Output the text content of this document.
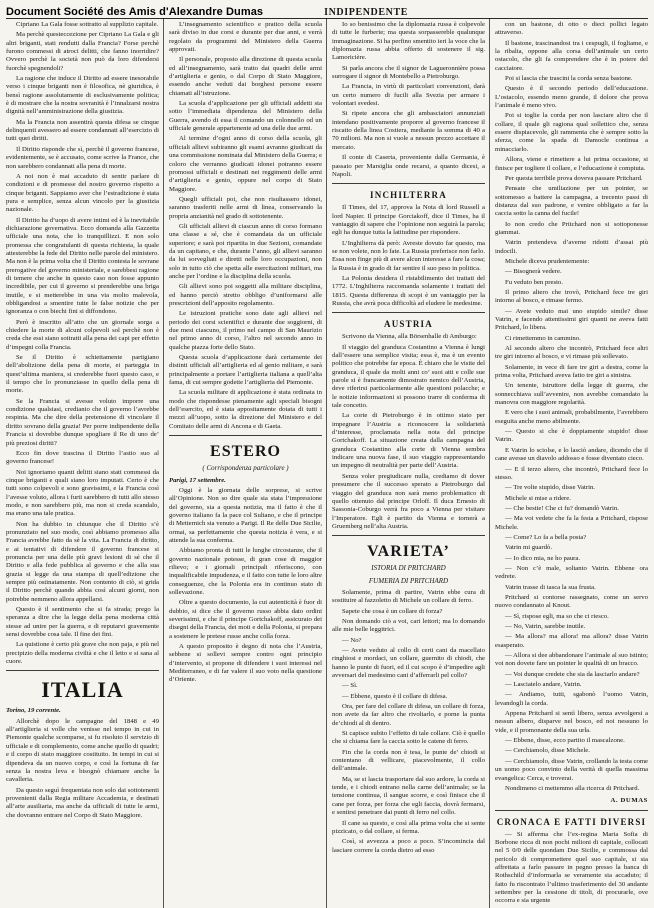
Document Société des Amis d'Alexandre Dumas	INDIPENDENTE
Cipriano La Gala fosse sottratto al supplizio capitale.
Ma perchè questeccezione per Cipriano La Gala e gli altri briganti, stati rendutti dalla Francia? Forse perchè furono commessi di atroci delitti, che fanno inorridire? Ovvero perchè la società non può da loro difendersi fuorchè spegnendoli?
La ragione che induce il Diritto ad essere inesorabile verso i cinque briganti non è filosofica, nè giuridica, è bensì ragione assolutamente di esclusivamente politica; è di mostrare che la nostra sovranità è l’innalzarsi nostra dignità nell’amministrazione della giustizia.
Ma la Francia non assentirà questa difesa se cinque delinquenti avessero ad essere condannati all’esercizio di tutti quei diritti.
Il Diritto risponde che sì, perchè il governo francese, evidentemente, se è accusato, come scrive la France, che non sarebbero condannati alla pena di morte.
A noi non è mai accaduto di sentir parlare di condizioni e di promesse del nostro governo rispetto a cinque briganti. Sappiamo aver che l’estradizione è stata pura e semplice, senza alcun vincolo per la giustizia nazionale.
Il Diritto ha d’uopo di avere intimi ed è la inevitabile dichiarazione governativa. Ecco domanda alla Gazzetta ufficiale una nota, che lo tranquillizzi. E non solo promessa che congratulanti di questa richiesta, la quale attesterebbe la fede del Diritto nelle parole del ministero. Ma non è la prima volta che il Diritto contesta le sovrane prerogative del governo ministeriale, e sarebbesi ragione di temere che anche in questo caso non fosse appunto incredibile, per cui il governo si prenderebbe una briga inutile, e si metterebbe in una via molto malevola, obbligandosi a smentire tutte le false notizie che per ignoranza o con biechi fini si diffondono.
Però è inscritto all’atto che un giornale sorga a chiedere la morte di alcuni colpevoli sol perchè non è creda che essi siano sottratti alla pena dei capi per effetto d’impegni colla Francia.
Se il Diritto è schiettamente partigiano dell’abolizione della pena di morte, ei parteggia in quest’ultima maniera, si crederebbe fuori questo caso, e il tempo che lo pronunziasse in quello della pena di morte.
Se la Francia si avesse voluto imporre una condizione qualsiasi, credianio che il governo l’avrebbe respinta. Ma che dire della pretensione di vincolare il diritto sovrano della grazia! Per porre indipendente della Francia si dovrebbe dunque spogliare il Re di uno de’ più preziosi diritti?
Ecco fin dove trascina il Diritto l’astio suo al governo francese!
Noi ignoriamo quanti delitti siano stati commessi da cinque briganti e quali siano loro imputati. Certo è che tutti sono colpevoli e sono gravissimi, e la Francia così l’avesse voluto, allora i furti sarebbero di tutti allo stesso modo, e non sarebbero più, ma non si creda scandalo, ma erano una tale pratica.
Non ha dubbio in chiunque che il Diritto s’è pronunziato nel suo modo, così abbiamo promesso alla Francia avrebbe fatto da sè la vita. La Francia di diritto, e ai tentativi di difendere il governo francese si pronuncia per una delle più gravi lesioni di sé che il Diritto e alla fede pubblica al governo e che alla sua grazia si legge da una stampa di quell’edizione che sempre più ostinatamente. Non contento di ciò, si grida il Diritto perchè quando abbia così alcuni giorni, non potrebbe nemmeno allora appellarsi.
Questo è il sentimento che si fa strada; prego la speranza a dire che la legge della pena moderna città stesse ad unire per la guerra, e di reputarvi gravemente sensi dovrebbe cosa tale. Il fine dei fini.
La quistione è certo più grave che non paja, e più nel precipizio della moderna civiltà e che il letto e si sana al cuore.
ITALIA
Torino, 19 corrente.
Allorchè dopo le campagne del 1848 e 49 all’artiglieria si volle che venisse nel tempo in cui in Piemonte qualche scomparse, si fu risoluto il servizio di ufficiale e di complemento, come anche quello di quadri; e il corpo di stato maggiore costituito. In tempi in cui si dipendeva da un nuovo corpo, e così la fortuna di far senza la nostra leva e bisognò chiamare anche la cavalleria.
Da questo seguì frequentata non solo dai sottotenenti provenienti dalla Regia militare Accademia, e destinati all’arte ausiliaria, ma anche da ufficiali di tutte le armi, che dovranno entrare nel Corpo di Stato Maggiore.
L’insegnamento scientifico e pratico della scuola sarà diviso in due corsi e durante per due anni, e verrà regolato da programmi del Ministero della Guerra approvati.
Il personale, proposto alla direzione di questa scuola ed all’insegnamento, sarà tratto dai quadri delle armi d’artiglieria e genio, o dal Corpo di Stato Maggiore, essendo anche veduti dai borghesi persone essere chiamati all’istruzione.
La scuola d’applicazione per gli ufficiali addetti sta sotto l’immediata dipendenza del Ministero della Guerra, avendo di essa il comando un colonnello od un ufficiale generale appartenente ad una delle due armi.
Al termine d’ogni anno di corso della scuola, gli ufficiali allievi subiranno gli esami avranno giudicati da una commissione nominata dal Ministero della Guerra; e coloro che verranno giudicati idonei potranno essere promossi ufficiali e destinati nei reggimenti delle armi d’artiglieria e genio, oppure nel corpo di Stato Maggiore.
Quegli ufficiali poi, che non risultassero idonei, saranno trasferiti nelle armi di linea, conservando la propria anzianità nel grado di sottotenente.
Gli ufficiali allievi di ciascun anno di corso formano una classe a sé, che è comandata da un ufficiale superiore; e sarà poi ripartita in due Sezioni, comandate da un capitano, e che, durante l’anno, gli allievi saranno da lui sorvegliati e diretti nelle loro occupazioni, non solo in tutto ciò che spetta alle esercitazioni militari, ma anche per l’ordine e la disciplina della scuola.
Gli allievi sono poi soggetti alla militare disciplina, ed hanno perciò stretto obbligo d’uniformarsi alle prescrizioni dell’apposito regolamento.
Le istruzioni pratiche sono date agli allievi nel periodo dei corsi scientifici e durante due soggiorni, di due mesi ciascuno, il primo nel campo di San Maurizio nel primo anno di corso, l’altro nel secondo anno in qualche piazza forte dello Stato.
Questa scuola d’applicazione darà certamente dei distinti ufficiali all’artiglieria ed al genio militare, e sarà principalmente a portare l’artiglieria italiana a quell’alta fama, di cui sempre godette l’artiglieria del Piemonte.
La scuola militare di applicazione è stata ordinata in modo che rispondesse pienamente agli speciali bisogni dell’esercito, ed è stata appositamente dotata di tutti i mezzi all’uopo, sotto la direzione del Ministero e del Comitato delle armi di Ancona e di Gaeta.
ESTERO
( Corrispondenza particolare )
Parigi, 17 settembre.
Oggi è la giornata delle sorprese, si scrive all’Opinione. Non so dire quale sia stata l’impressione del governo, sia a questa notizia, ma il fatto è che il governo italiano fa la pace col Sultano, e che il principe di Metternich sia venuto a Parigi. Il Re delle Due Sicilie, ormai, sa perfettamente che questa notizia è vera, e si attende la sua conferma.
Abbiamo pronta di tutti le lunghe circostanze, che il governo nazionale potesse, di gran cose di maggior rilievo; e i giornali principali riferiscono, con inqualificabile impudenza, e il fatto con tutte le loro altre conseguenze, che la Polonia era in continuo stato di sollevazione.
Oltre a questo documento, la cui autenticità è fuor di dubbio, si dice che il governo russo abbia dato ordini severissimi, e che il principe Gortchakoff, assicurato dei disegni della Francia, dei moti e della Polonia, si prepara a sostenere le pretese russe anche colla forza.
A questo proposito è degno di nota che l’Austria, sebbene si sollevi sempre contro ogni principio d’intervento, si propone di difendere i suoi interessi nel Mediterraneo, e di far valere il suo voto nella questione d’Oriente.
Io so benissimo che la diplomazia russa è colpevole di tutte le furberie; ma questa sorpassereble qualunque immaginazione. Si ha perfino smentito ieri la voce che la diplomazia russa abbia offerto di sostenere il sig. Lamoricière.
Si parla ancora che il signor de Lagueronnière possa surrogare il signor di Montebello a Pietroburgo.
La Francia, in virtù di particolari convenzioni, darà un certo numero di fucili alla Svezia per armare i volontari svedesi.
Si ripete ancora che gli ambasciatori annunziati intendano positivamente proporre al governo francese il riscatto della linea Costiera, medianie la somma di 40 a 70 milioni. Ma non si vuole a nessun prezzo accettare il mercato.
Il conte di Caserta, proveniente dalla Germania, è passato per Marsiglia onde recarsi, a quanto dicesi, a Napoli.
INCHILTERRA
Il Times, del 17, approva la Nota di lord Russell a lord Napier. Il principe Gorciakoff, dice il Times, ha il vantaggio di sapere che l’opinione non seguirà la parola; egli ha dunque tutta la latitudine per rispondere.
L’Inghilterra dà però: Avreste dovuto far questo, ma se non volete, non lo fate. La Russia preferisce non farlo. Essa non finge più di avere alcun interesse a fare la cosa; la Russia è in grado di far sentire il suo peso in politica.
La Polonia desidera il ristabilimento dei trattati del 1772. L’Inghilterra raccomanda solamente i trattati del 1815. Questa differenza di scopi è un vantaggio per la Russia, che avrà poca difficoltà ad eludere le medesime.
AUSTRIA
Scrivono da Vienna, alla Börsenhalle di Amburgo:
Il viaggio del granduca Costantino a Vienna è lungi dall’essere una semplice visita; essa è, ma è un evento politico che potrebbe far epoca. È chiaro che le visite del granduca, il quale da molti anni co’ suoi atti e colle sue parole si è francamente dimostrato nemico dell’Austria, deve riferirsi particolarmente alle questioni polacche; e le notizie informazioni si possono trarre di conferma di tale concetto.
La corte di Pietroburgo è in ottimo stato per impegnare l’Austria a riconoscere la solidarietà d’interesse, proclamata nella nota del principe Gortchakoff. La situazione creata dalla campagna del granduca Costantino alla corte di Vienna sembra indicare una nuova fase, il suo viaggio rappresentando un impegno di neutralità per parte dell’Austria.
Senza voler pregiudicare nulla, crediamo di dover presumere che il successo sperato a Pietroburgo dal viaggio del granduca non sarà meno problematico di quello ottenuto dal principe Orloff. Il duca Ernesto di Sassonia-Coburgo verrà fra poco a Vienna per visitare l’Imperatore. Egli è partito da Vienna e tornerà a Gruemberg nell’alta Austria.
VARIETA’
ISTORIA DI PRITCHARD
FUMERIA DI PRITCHARD
Solamente, prima di partire, Vatrin ebbe cura di sostituire al fazzoletto di Michele un collare di ferro.
Sapete che cosa è un collare di forza?
Non domando ciò a voi, cari lettori; ma lo domando alle mie belle leggitrici.
— No?
— Avete veduto al collo di certi cani da macellaio ringhiosi e mordaci, un collare, guernito di chiodi, che hanno le punte di fuori, ed il cui scopo è d’impedire agli avversari del medesimo cani d’afferrarli pel collo?
— Sì.
— Ebbene, questo è il collare di difesa.
Ora, per fare del collare di difesa, un collare di forza, non avete da far altro che rivoltarlo, e porne la punta de’chiodi al di dentro.
Si capisce subito l’effetto di tale collare. Ciò è quello che si chiama fare la caccia sotto le catene di ferro.
Fin che la corda non è tesa, le punte de’ chiodi si contentano di vellicare, piacevolmente, il collo dell’animale.
Ma, se si lascia trasportare dal suo ardore, la corda si tende, e i chiodi entrano nella carne dell’animale; se la tensione continua, il sangue scorre, e così finisce che il cane per forza, per forza che egli faccia, dovrà fermarsi, e sentirsi penetrare dai punti di ferro nel collo.
Il cane sa questo, e così alla prima volta che si sente pizzicato, o dal collare, si ferma.
Così, si avvezza a poco a poco. S’incomincia dal lasciare correre la corda dietro ad esso
con un bastone, di otto o dieci pollici legato attraverso.
Il bastone, trascinandosi tra i cespugli, il fogliame, e la ribalta, oppone alla corsa dell’animale un certo ostacolo, che gli fa comprendere che è in potere del cacciatore.
Poi si lascia che trascini la corda senza bastone.
Questo è il secondo periodo dell’educazione. L’ostacolo, essendo meno grande, il dolore che prova l’animale è meno vivo.
Poi si toglie la corda per non lasciare altro che il collare, il quale gli ragiona qual sollettico che, senza essere dispiacevole, gli rammenta che è sempre sotto la sferza, come la spada di Damocle continua a minacciarlo.
Allora, viene e rimettere a lui prima occasione, si finisce per togliere il collare, e l’educazione è compiuta.
Per questa terribile prova doveva passare Pritchard.
Pensate che umiliazione per un pointer, se sottomesso a battere la campagna, a trecento passi di distanza dal suo padrone, e venire obbligato a far la caccia sotto la canna del fucile!
Io non credo che Pritchard non si sottoponesse giammai.
Vatrin pretendeva d’averne ridotti d’assai più indocili.
Michele diceva prudentemente:
— Bisognerà vedere.
Fu veduto ben presto.
Il primo altero che trovò, Pritchard fece tre giri intorno al bosco, e rimase fermo.
— Avete veduto mai uno stupido simile? disse Vatrin, e facendo attentissimi giri quanti ne aveva fatti Pritchard, lo libera.
Ci rimettemmo in cammino.
Al secondo altero che incontrò, Pritchard fece altri tre giri intorno al bosco, e vi rimase più sollevato.
Solamente, in vece di fare tre giri a destra, come la prima volta, Pritchard aveva fatto tre giri a sinistra.
Un tenente, istruttore della legge di guerra, che sonnecchiava sull’avvenire, non avrebbe comandato la manovra con maggiore regolarità.
E vero che i suoi animali, probabilmente, l’avrebbero eseguita anche meno abilmente.
— Questo si che è doppiamente stupido! disse Vatrin.
E Vatrin lo sciolse, e lo lasciò andare, dicendo che il cane avesse un diavolo addosso e fosse diventato cieco.
— E il terzo altero, che incontrò, Pritchard fece lo stesso.
— Tre volte stupido, disse Vatrin.
Michele si mise a ridere.
— Che bestie! Che ci fu? domandò Vatrin.
— Ma voi vedete che fa la festa a Pritchard, rispose Michele.
— Come? Lo fa a bella posta?
Vatrin mi guardò.
— Io dico mia, ne ho paura.
— Non c’è male, soltanto Vatrin. Ebbene ora vedrete.
Vatrin trasse di tasca la sua frusta.
Pritchard si contorse rassegnato, come un servo nuovo condannato al Knout.
— Sì, rispose egli, ma so che ci riesco.
— No, Vatrin, sarebbe inutile.
— Ma allora? ma allora! ma allora? disse Vatrin esasperato.
— Allora si dee abbandonare l’animale al suo istinto; voi non dovete fare un pointer le qualità di un bracco.
— Voi dunque credete che sia da lasciarlo andare?
— Lasciatelo andare, Vatrin.
— Andiamo, tutti, sgabonò l’uomo Vatrin, levandogli la corda.
Appena Pritchard si sentì libero, senza avvolgersi a nessun albero, disparve nel bosco, ed noi nessuno lo vide, e il promonante della sua urla.
— Ebbene, disse, ecco partito il mascalzone.
— Cerchiamolo, disse Michele.
— Cerchiamolo, disse Vatrin, crollando la testa come un uomo poco convinto della verità di quella massima evangelica: Cerca, e troverai.
Nondimeno ci mettemmo alla ricerca di Pritchard.
A. DUMAS
CRONACA E FATTI DIVERSI
— Si afferma che l’ex-regina Maria Sofia di Borbone ricca di non pochi milioni di capitale, collocati nel 5 0/0 delle quondam Due Sicilie, e commossa dal pericolo di compromettere quel suo capitale, si sia affrettata a farlo passare in pegno presso la banca di Rothschild d’informarla se veramente sia accaduto; il fatto fu riscontrato l’ultimo trasferimento del 30 andante settembre per la cessione di titoli, di procurarle, ove occorra e sia urgente
